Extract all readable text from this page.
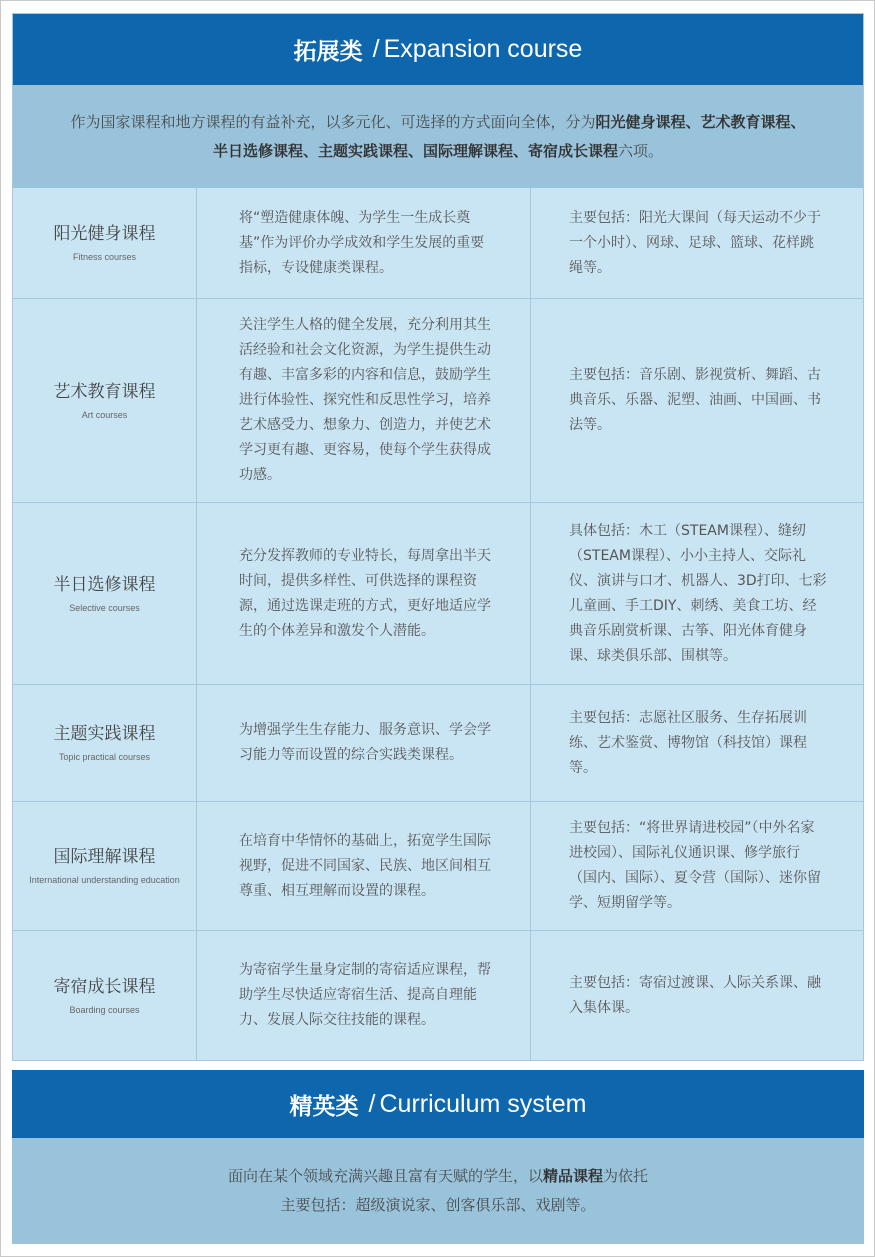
拓展类 / Expansion course

作为国家课程和地方课程的有益补充，以多元化、可选择的方式面向全体，分为阳光健身课程、艺术教育课程、半日选修课程、主题实践课程、国际理解课程、寄宿成长课程六项。

阳光健身课程
Fitness courses
将“塑造健康体魄、为学生一生成长奠基”作为评价办学成效和学生发展的重要指标，专设健康类课程。
主要包括：阳光大课间（每天运动不少于一个小时）、网球、足球、篮球、花样跳绳等。
艺术教育课程
Art courses
关注学生人格的健全发展，充分利用其生活经验和社会文化资源，为学生提供生动有趣、丰富多彩的内容和信息，鼓励学生进行体验性、探究性和反思性学习，培养艺术感受力、想象力、创造力，并使艺术学习更有趣、更容易，使每个学生获得成功感。
主要包括：音乐剧、影视赏析、舞蹈、古典音乐、乐器、泥塑、油画、中国画、书法等。
半日选修课程
Selective courses
充分发挥教师的专业特长，每周拿出半天时间，提供多样性、可供选择的课程资源，通过选课走班的方式，更好地适应学生的个体差异和激发个人潜能。
具体包括：木工（STEAM课程）、缝纫（STEAM课程）、小小主持人、交际礼仪、演讲与口才、机器人、3D打印、七彩儿童画、手工DIY、刺绣、美食工坊、经典音乐剧赏析课、古筝、阳光体育健身课、球类俱乐部、围棋等。
主题实践课程
Topic practical courses
为增强学生生存能力、服务意识、学会学习能力等而设置的综合实践类课程。
主要包括：志愿社区服务、生存拓展训练、艺术鉴赏、博物馆（科技馆）课程等。
国际理解课程
International understanding education
在培育中华情怀的基础上，拓宽学生国际视野，促进不同国家、民族、地区间相互尊重、相互理解而设置的课程。
主要包括：“将世界请进校园”（中外名家进校园）、国际礼仪通识课、修学旅行（国内、国际）、夏令营（国际）、迷你留学、短期留学等。
寄宿成长课程
Boarding courses
为寄宿学生量身定制的寄宿适应课程，帮助学生尽快适应寄宿生活、提高自理能力、发展人际交往技能的课程。
主要包括：寄宿过渡课、人际关系课、融入集体课。
精英类 / Curriculum system

面向在某个领域充满兴趣且富有天赋的学生，以精品课程为依托

主要包括：超级演说家、创客俱乐部、戏剧等。
